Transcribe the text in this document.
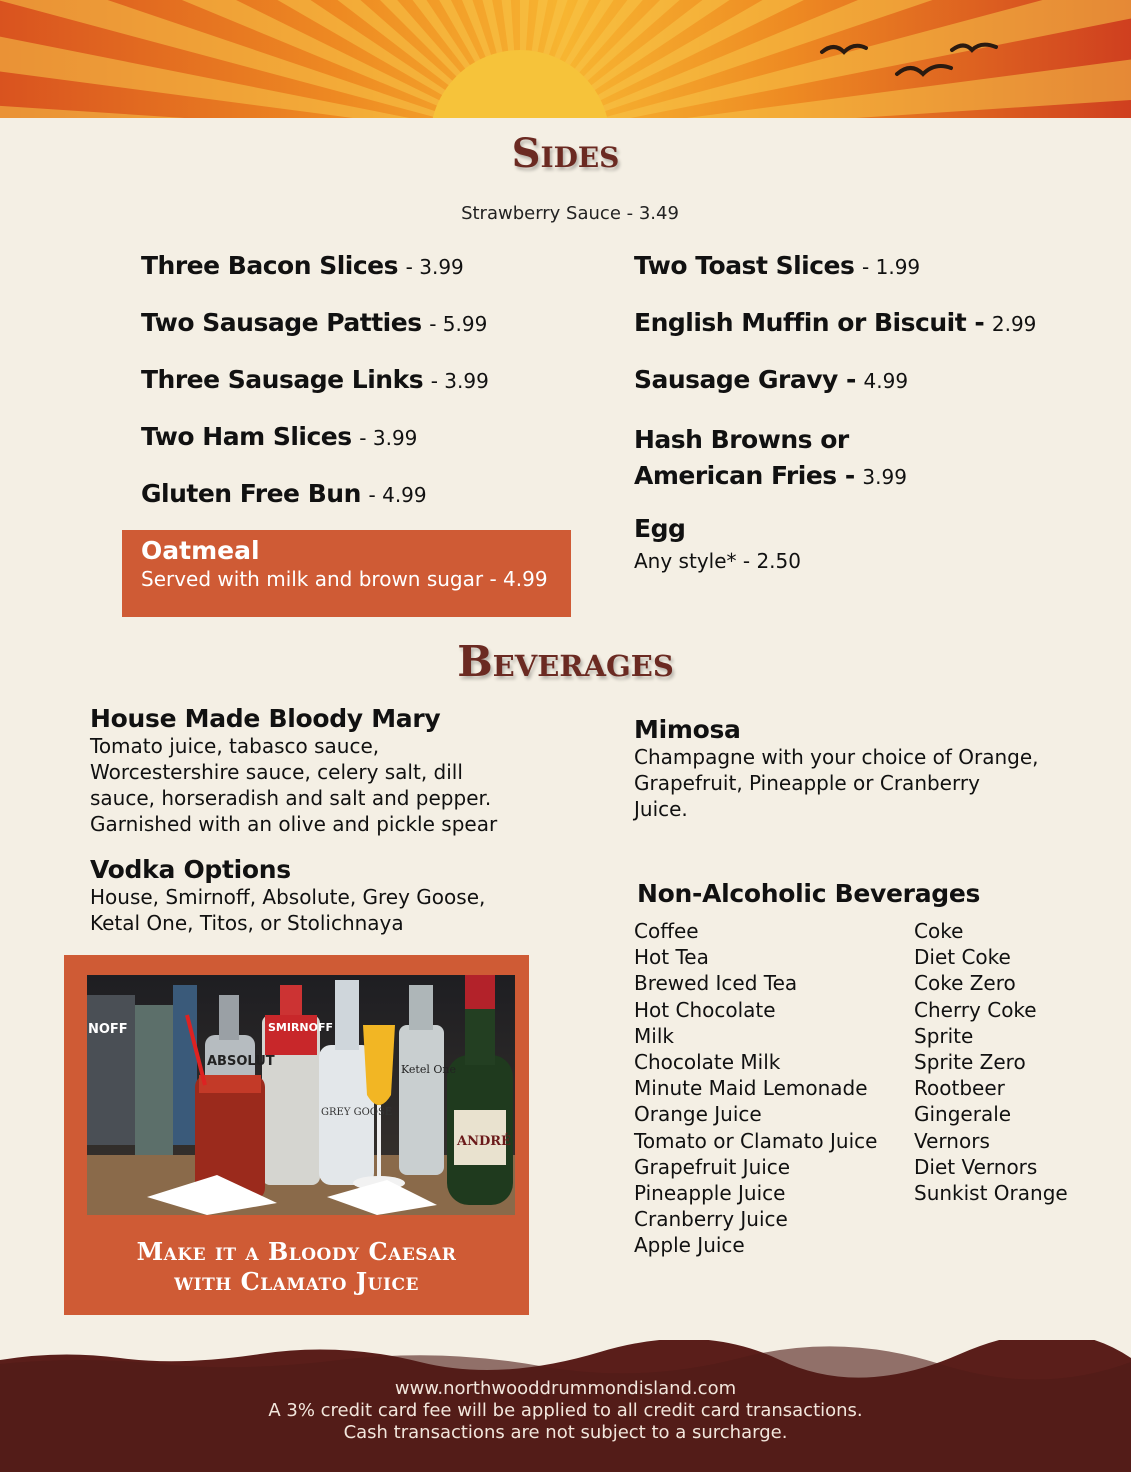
Sides
Strawberry Sauce - 3.49
Three Bacon Slices - 3.99
Two Sausage Patties - 5.99
Three Sausage Links - 3.99
Two Ham Slices - 3.99
Gluten Free Bun - 4.99
Two Toast Slices - 1.99
English Muffin or Biscuit - 2.99
Sausage Gravy - 4.99
Hash Browns or
American Fries - 3.99
Egg
Any style* - 2.50
Oatmeal
Served with milk and brown sugar - 4.99
Beverages
House Made Bloody Mary
Tomato juice, tabasco sauce,
Worcestershire sauce, celery salt, dill
sauce, horseradish and salt and pepper.
Garnished with an olive and pickle spear
Vodka Options
House, Smirnoff, Absolute, Grey Goose,
Ketal One, Titos, or Stolichnaya
Mimosa
Champagne with your choice of Orange,
Grapefruit, Pineapple or Cranberry
Juice.
Non-Alcoholic Beverages
Coffee
Hot Tea
Brewed Iced Tea
Hot Chocolate
Milk
Chocolate Milk
Minute Maid Lemonade
Orange Juice
Tomato or Clamato Juice
Grapefruit Juice
Pineapple Juice
Cranberry Juice
Apple Juice
Coke
Diet Coke
Coke Zero
Cherry Coke
Sprite
Sprite Zero
Rootbeer
Gingerale
Vernors
Diet Vernors
Sunkist Orange
NOFF
ABSOLUT
SMIRNOFF
GREY GOOSE
Ketel One
ANDRÉ
Make it a Bloody Caesar
with Clamato Juice
www.northwooddrummondisland.com
A 3% credit card fee will be applied to all credit card transactions.
Cash transactions are not subject to a surcharge.
